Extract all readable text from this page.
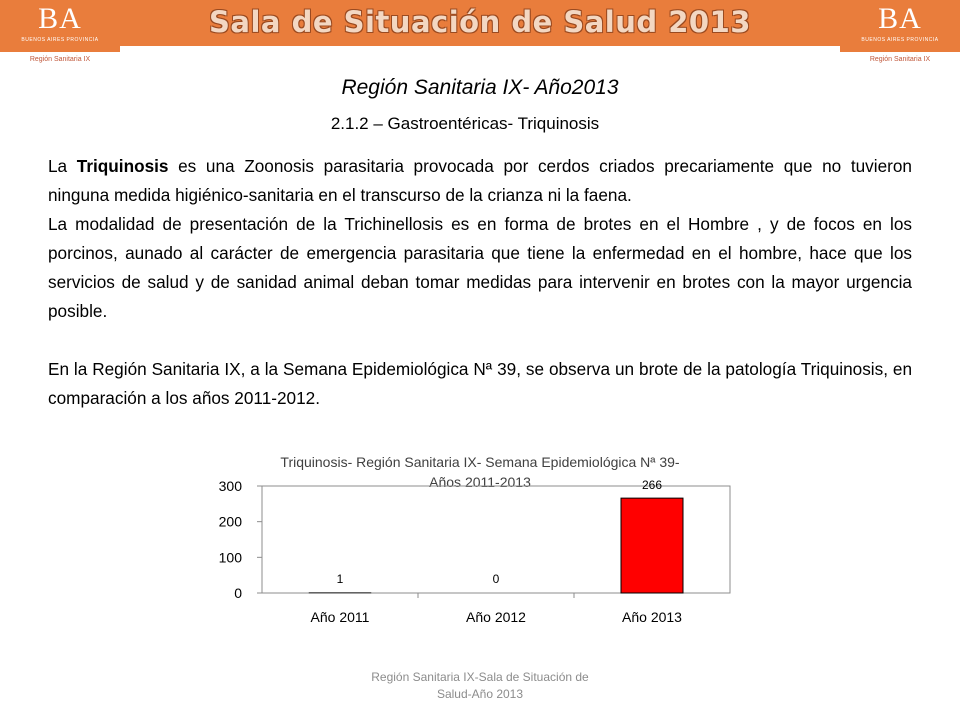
BA
BUENOS AIRES PROVINCIA
Región Sanitaria IX
Sala de Situación de Salud 2013	BA
BUENOS AIRES PROVINCIA
Región Sanitaria IX
Región Sanitaria IX- Año2013
2.1.2 – Gastroentéricas- Triquinosis

La Triquinosis es una Zoonosis parasitaria provocada por cerdos criados precariamente que no tuvieron ninguna medida higiénico-sanitaria en el transcurso de la crianza ni la faena.

La modalidad de presentación de la Trichinellosis es en forma de brotes en el Hombre , y de focos en los porcinos, aunado al carácter de emergencia parasitaria que tiene la enfermedad en el hombre, hace que los servicios de salud y de sanidad animal deban tomar medidas para intervenir en brotes con la mayor urgencia posible.

En la Región Sanitaria IX, a la Semana Epidemiológica Nª 39, se observa un brote de la patología Triquinosis, en comparación a los años 2011-2012.

Triquinosis- Región Sanitaria IX- Semana Epidemiológica Nª 39-
Años 2011-2013
0
100
200
300
1
Año 2011
0
Año 2012
266
Año 2013
Región Sanitaria IX-Sala de Situación de
Salud-Año 2013
